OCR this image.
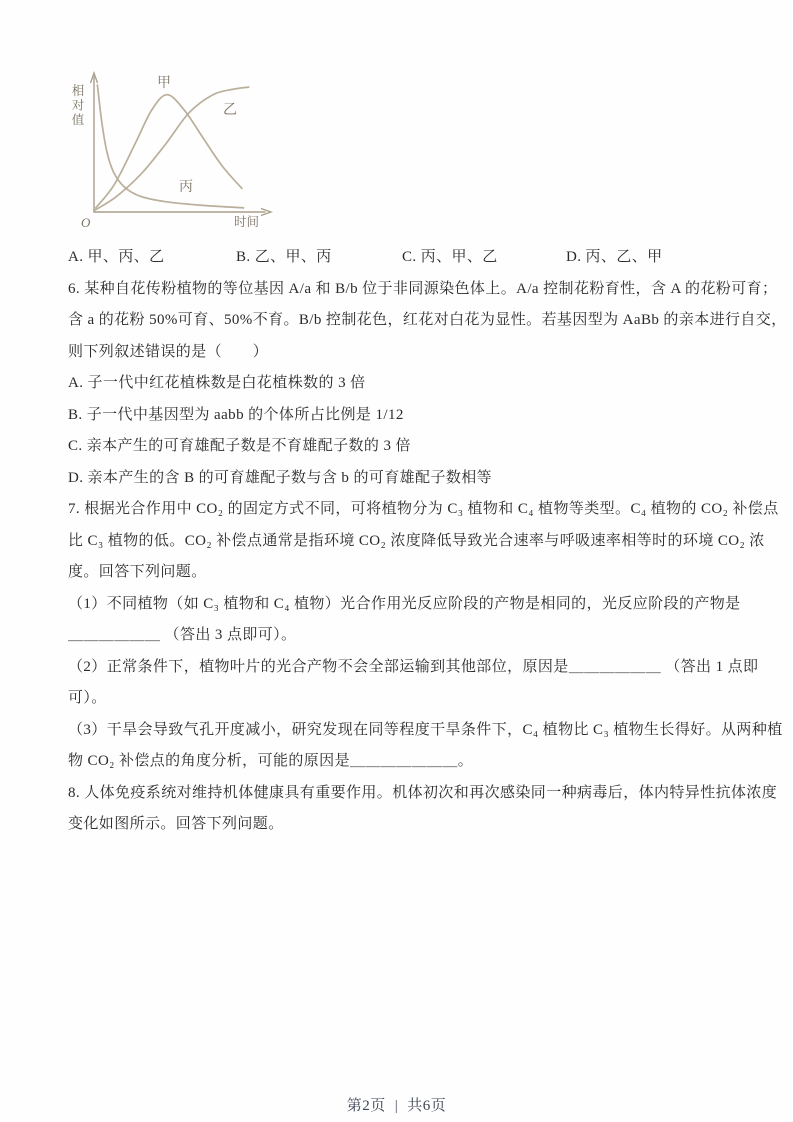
甲
乙
丙
O	时间
相对值
A. 甲、丙、乙	B. 乙、甲、丙	C. 丙、甲、乙	D. 丙、乙、甲
6. 某种自花传粉植物的等位基因 A/a 和 B/b 位于非同源染色体上。A/a 控制花粉育性，含 A 的花粉可育；
含 a 的花粉 50%可育、50%不育。B/b 控制花色，红花对白花为显性。若基因型为 AaBb 的亲本进行自交，
则下列叙述错误的是（　　）
A. 子一代中红花植株数是白花植株数的 3 倍
B. 子一代中基因型为 aabb 的个体所占比例是 1/12
C. 亲本产生的可育雄配子数是不育雄配子数的 3 倍
D. 亲本产生的含 B 的可育雄配子数与含 b 的可育雄配子数相等
7. 根据光合作用中 CO₂ 的固定方式不同，可将植物分为 C₃ 植物和 C₄ 植物等类型。C₄ 植物的 CO₂ 补偿点
比 C₃ 植物的低。CO₂ 补偿点通常是指环境 CO₂ 浓度降低导致光合速率与呼吸速率相等时的环境 CO₂ 浓
度。回答下列问题。
（1）不同植物（如 C₃ 植物和 C₄ 植物）光合作用光反应阶段的产物是相同的，光反应阶段的产物是
＿＿＿＿＿＿ （答出 3 点即可）。
（2）正常条件下，植物叶片的光合产物不会全部运输到其他部位，原因是＿＿＿＿＿＿ （答出 1 点即
可）。
（3）干旱会导致气孔开度减小，研究发现在同等程度干旱条件下，C₄ 植物比 C₃ 植物生长得好。从两种植
物 CO₂ 补偿点的角度分析，可能的原因是＿＿＿＿＿＿＿。
8. 人体免疫系统对维持机体健康具有重要作用。机体初次和再次感染同一种病毒后，体内特异性抗体浓度
变化如图所示。回答下列问题。
第2页 | 共6页
